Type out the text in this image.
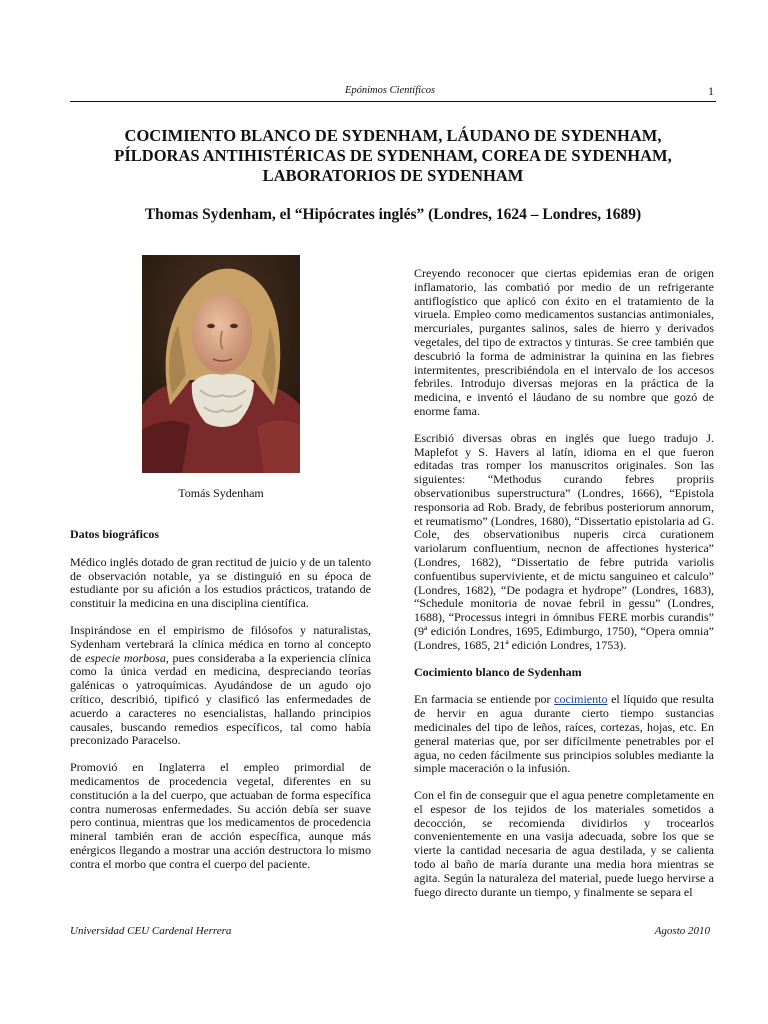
Epónimos Científicos	1
COCIMIENTO BLANCO DE SYDENHAM, LÁUDANO DE SYDENHAM,
PÍLDORAS ANTIHISTÉRICAS DE SYDENHAM, COREA DE SYDENHAM,
LABORATORIOS DE SYDENHAM
Thomas Sydenham, el “Hipócrates inglés” (Londres, 1624 – Londres, 1689)
Tomás Sydenham
Datos biográficos

Médico inglés dotado de gran rectitud de juicio y de un talento de observación notable, ya se distinguió en su época de estudiante por su afición a los estudios prácticos, tratando de constituir la medicina en una disciplina científica.

Inspirándose en el empirismo de filósofos y naturalistas, Sydenham vertebrará la clínica médica en torno al concepto de especie morbosa, pues consideraba a la experiencia clínica como la única verdad en medicina, despreciando teorías galénicas o yatroquímicas. Ayudándose de un agudo ojo crítico, describió, tipificó y clasificó las enfermedades de acuerdo a caracteres no esencialistas, hallando principios causales, buscando remedios específicos, tal como había preconizado Paracelso.

Promovió en Inglaterra el empleo primordial de medicamentos de procedencia vegetal, diferentes en su constitución a la del cuerpo, que actuaban de forma específica contra numerosas enfermedades. Su acción debía ser suave pero continua, mientras que los medicamentos de procedencia mineral también eran de acción específica, aunque más enérgicos llegando a mostrar una acción destructora lo mismo contra el morbo que contra el cuerpo del paciente.

Creyendo reconocer que ciertas epidemias eran de origen inflamatorio, las combatió por medio de un refrigerante antiflogístico que aplicó con éxito en el tratamiento de la viruela. Empleo como medicamentos sustancias antimoniales, mercuriales, purgantes salinos, sales de hierro y derivados vegetales, del tipo de extractos y tinturas. Se cree también que descubrió la forma de administrar la quinina en las fiebres intermitentes, prescribiéndola en el intervalo de los accesos febriles. Introdujo diversas mejoras en la práctica de la medicina, e inventó el láudano de su nombre que gozó de enorme fama.

Escribió diversas obras en inglés que luego tradujo J. Maplefot y S. Havers al latín, idioma en el que fueron editadas tras romper los manuscritos originales. Son las siguientes: “Methodus curando febres propriis observationibus superstructura” (Londres, 1666), “Epistola responsoria ad Rob. Brady, de febribus posteriorum annorum, et reumatismo” (Londres, 1680), “Dissertatio epistolaria ad G. Cole, des observationibus nuperis circa curationem variolarum confluentium, necnon de affectiones hysterica” (Londres, 1682), “Dissertatio de febre putrida variolis confuentibus superviviente, et de mictu sanguineo et calculo” (Londres, 1682), “De podagra et hydrope” (Londres, 1683), “Schedule monitoria de novae febril in gessu” (Londres, 1688), “Processus integri in ómnibus FERE morbis curandis” (9ª edición Londres, 1695, Edimburgo, 1750), “Opera omnia” (Londres, 1685, 21ª edición Londres, 1753).

Cocimiento blanco de Sydenham

En farmacia se entiende por cocimiento el líquido que resulta de hervir en agua durante cierto tiempo sustancias medicinales del tipo de leños, raíces, cortezas, hojas, etc. En general materias que, por ser difícilmente penetrables por el agua, no ceden fácilmente sus principios solubles mediante la simple maceración o la infusión.

Con el fin de conseguir que el agua penetre completamente en el espesor de los tejidos de los materiales sometidos a decocción, se recomienda dividirlos y trocearlos convenientemente en una vasija adecuada, sobre los que se vierte la cantidad necesaria de agua destilada, y se calienta todo al baño de maría durante una media hora mientras se agita. Según la naturaleza del material, puede luego hervirse a fuego directo durante un tiempo, y finalmente se separa el

Universidad CEU Cardenal Herrera	Agosto 2010
